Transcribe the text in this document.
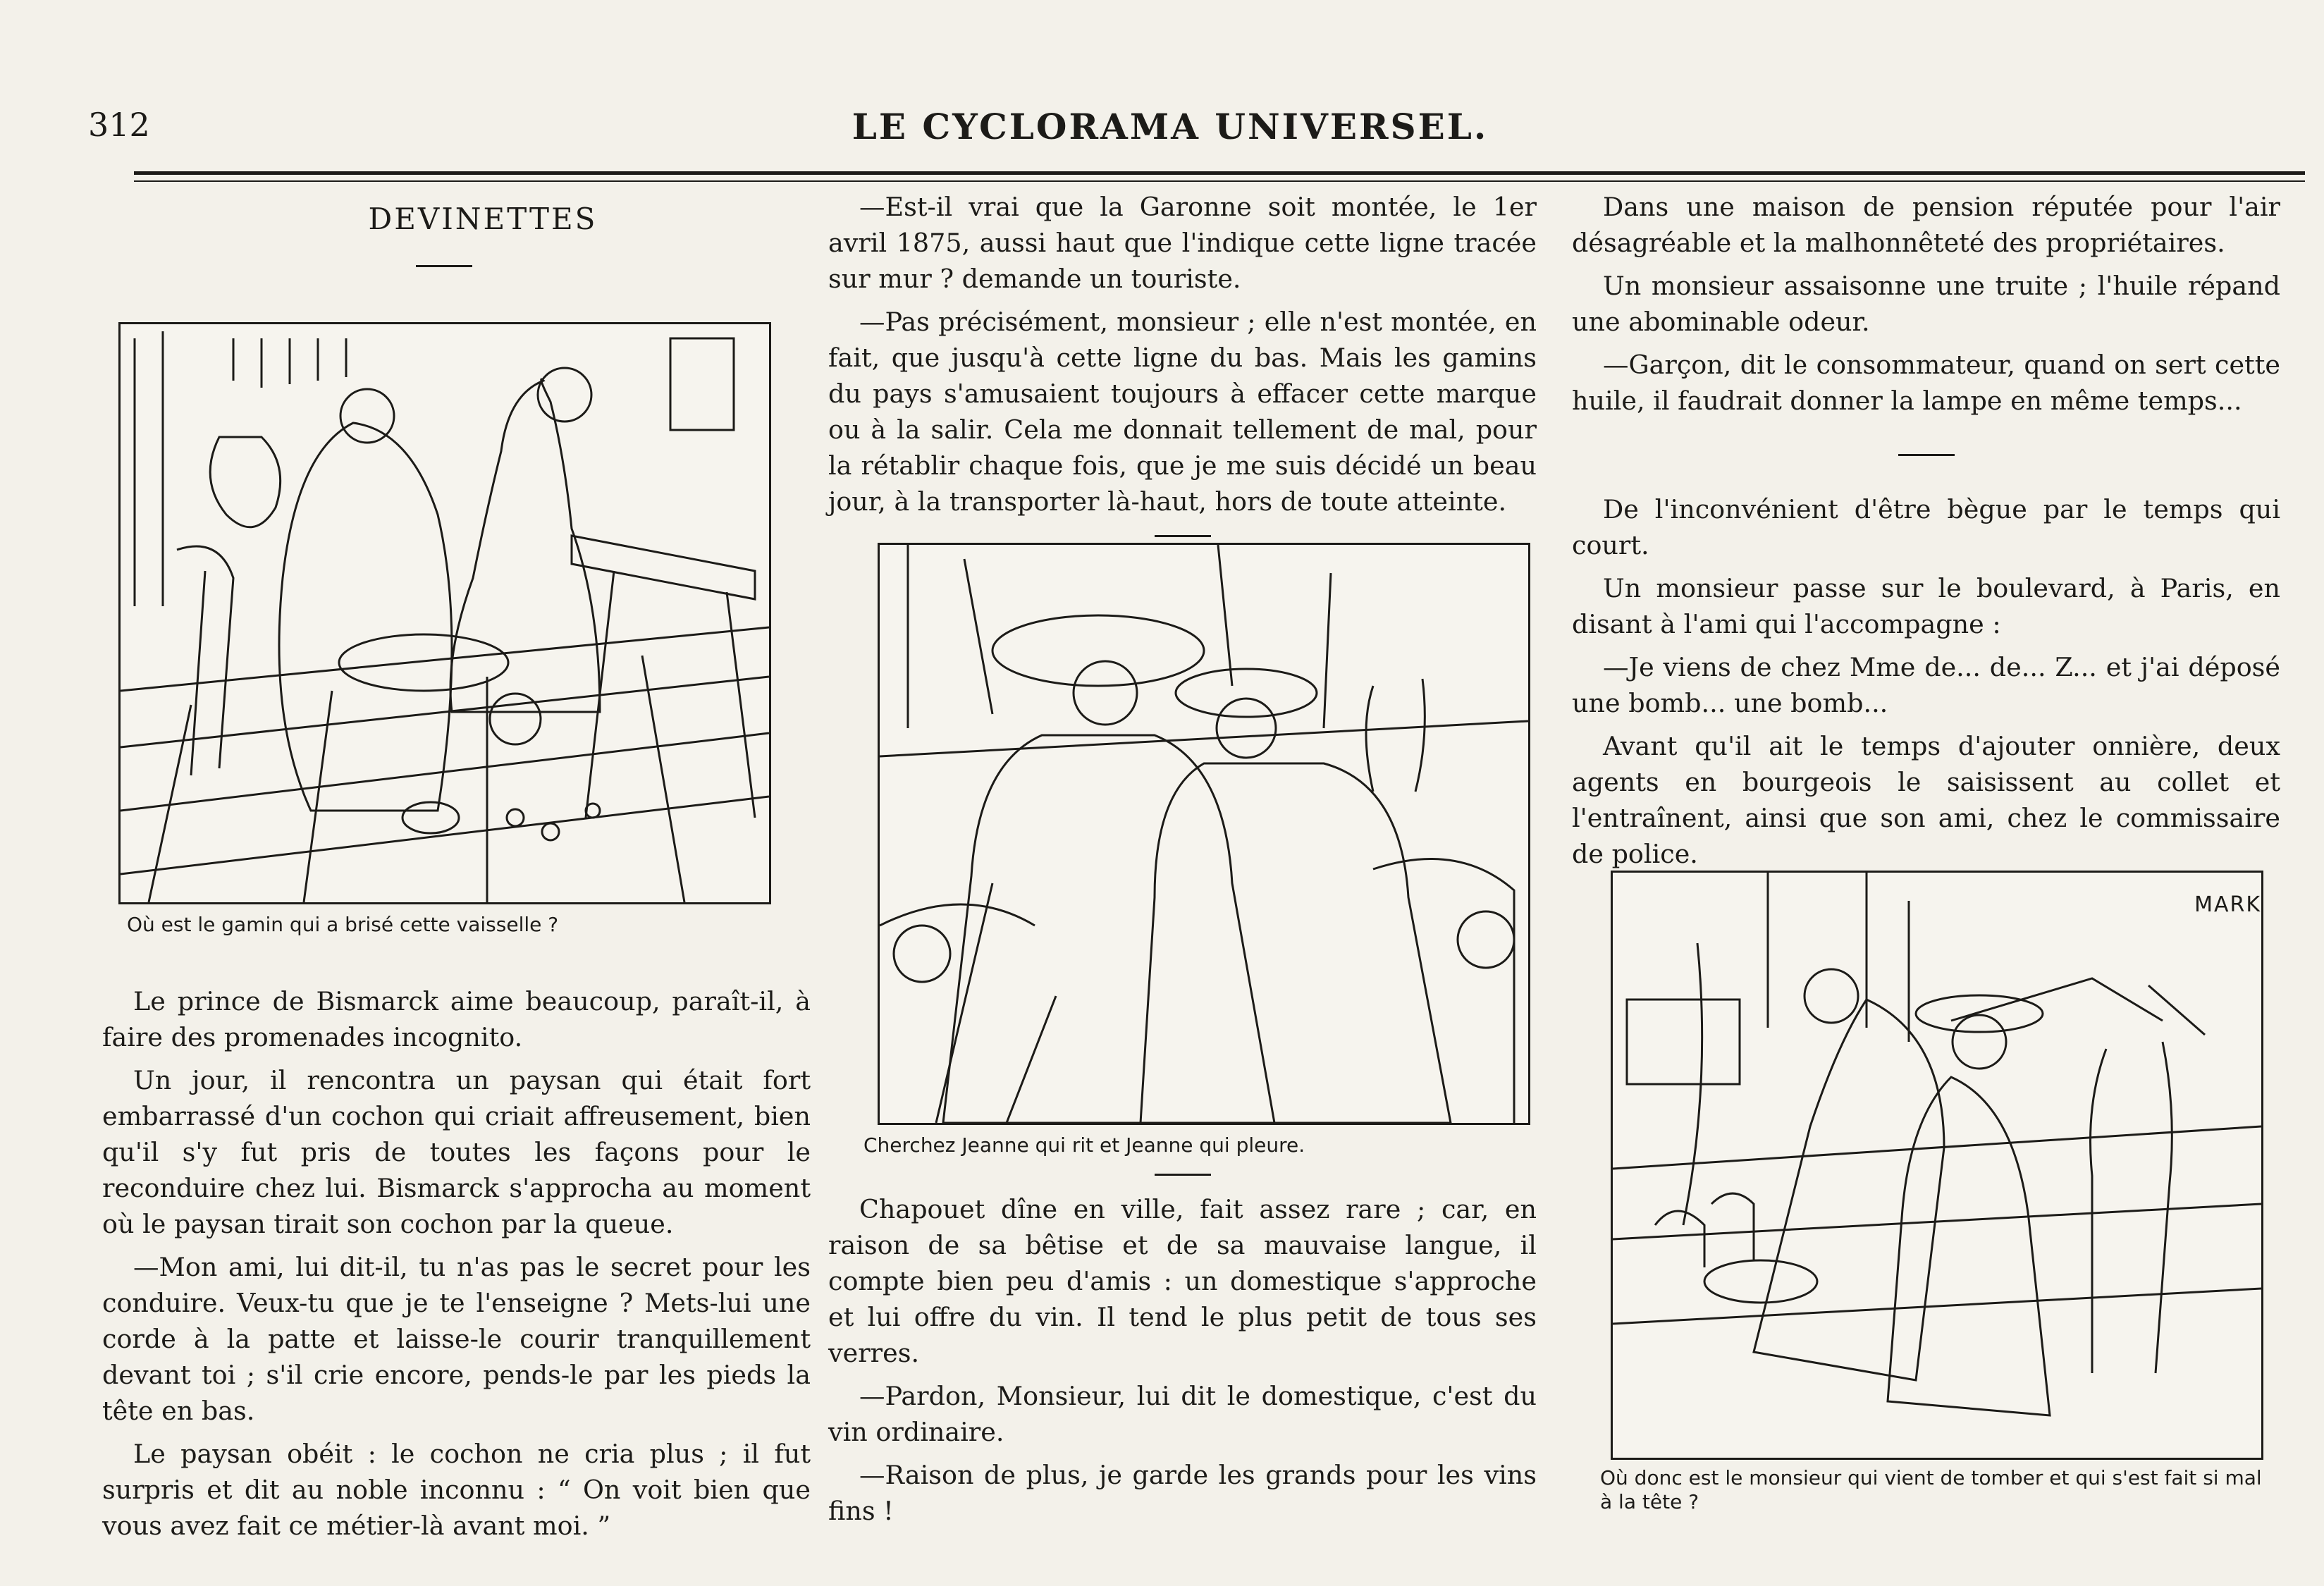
312	LE CYCLORAMA UNIVERSEL.
DEVINETTES
Où est le gamin qui a brisé cette vaisselle ?

Le prince de Bismarck aime beaucoup, paraît-il, à faire des promenades incognito.

Un jour, il rencontra un paysan qui était fort embarrassé d'un cochon qui criait affreusement, bien qu'il s'y fut pris de toutes les façons pour le reconduire chez lui. Bismarck s'approcha au moment où le paysan tirait son cochon par la queue.

—Mon ami, lui dit-il, tu n'as pas le secret pour les conduire. Veux-tu que je te l'enseigne ? Mets-lui une corde à la patte et laisse-le courir tranquillement devant toi ; s'il crie encore, pends-le par les pieds la tête en bas.

Le paysan obéit : le cochon ne cria plus ; il fut surpris et dit au noble inconnu : “ On voit bien que vous avez fait ce métier-là avant moi. ”

—Est-il vrai que la Garonne soit montée, le 1er avril 1875, aussi haut que l'indique cette ligne tracée sur mur ? demande un touriste.

—Pas précisément, monsieur ; elle n'est montée, en fait, que jusqu'à cette ligne du bas. Mais les gamins du pays s'amusaient toujours à effacer cette marque ou à la salir. Cela me donnait tellement de mal, pour la rétablir chaque fois, que je me suis décidé un beau jour, à la transporter là-haut, hors de toute atteinte.

Cherchez Jeanne qui rit et Jeanne qui pleure.

Chapouet dîne en ville, fait assez rare ; car, en raison de sa bêtise et de sa mauvaise langue, il compte bien peu d'amis : un domestique s'approche et lui offre du vin. Il tend le plus petit de tous ses verres.

—Pardon, Monsieur, lui dit le domestique, c'est du vin ordinaire.

—Raison de plus, je garde les grands pour les vins fins !

Dans une maison de pension réputée pour l'air désagréable et la malhonnêteté des propriétaires.

Un monsieur assaisonne une truite ; l'huile répand une abominable odeur.

—Garçon, dit le consommateur, quand on sert cette huile, il faudrait donner la lampe en même temps...

De l'inconvénient d'être bègue par le temps qui court.

Un monsieur passe sur le boulevard, à Paris, en disant à l'ami qui l'accompagne :

—Je viens de chez Mme de... de... Z... et j'ai déposé une bomb... une bomb...

Avant qu'il ait le temps d'ajouter onnière, deux agents en bourgeois le saisissent au collet et l'entraînent, ainsi que son ami, chez le commissaire de police.

MARK
Où donc est le monsieur qui vient de tomber et qui s'est fait si mal à la tête ?
